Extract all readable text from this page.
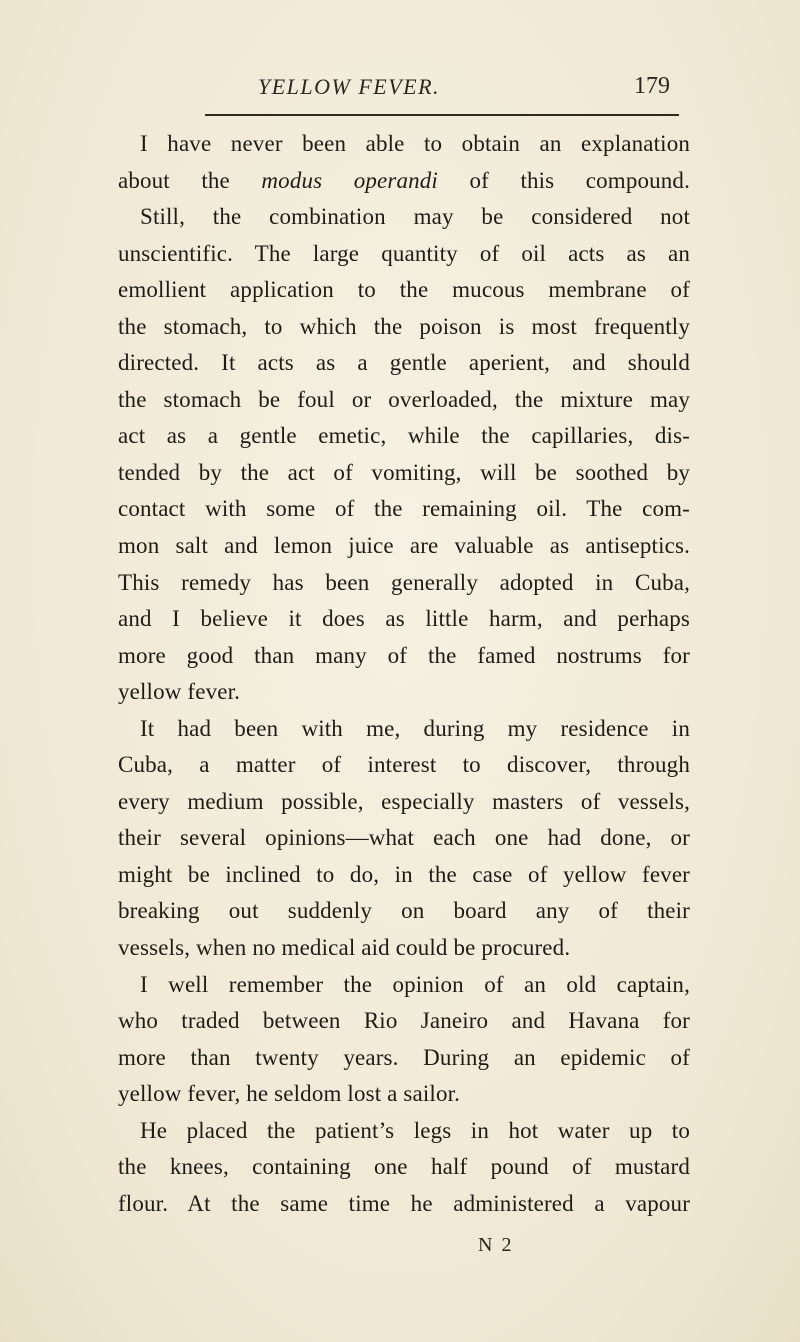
YELLOW FEVER.	179
I have never been able to obtain an explanation
about the modus operandi of this compound.
Still, the combination may be considered not
unscientific. The large quantity of oil acts as an
emollient application to the mucous membrane of
the stomach, to which the poison is most frequently
directed. It acts as a gentle aperient, and should
the stomach be foul or overloaded, the mixture may
act as a gentle emetic, while the capillaries, dis-
tended by the act of vomiting, will be soothed by
contact with some of the remaining oil. The com-
mon salt and lemon juice are valuable as antiseptics.
This remedy has been generally adopted in Cuba,
and I believe it does as little harm, and perhaps
more good than many of the famed nostrums for
yellow fever.
It had been with me, during my residence in
Cuba, a matter of interest to discover, through
every medium possible, especially masters of vessels,
their several opinions—what each one had done, or
might be inclined to do, in the case of yellow fever
breaking out suddenly on board any of their
vessels, when no medical aid could be procured.
I well remember the opinion of an old captain,
who traded between Rio Janeiro and Havana for
more than twenty years. During an epidemic of
yellow fever, he seldom lost a sailor.
He placed the patient’s legs in hot water up to
the knees, containing one half pound of mustard
flour. At the same time he administered a vapour
N 2
